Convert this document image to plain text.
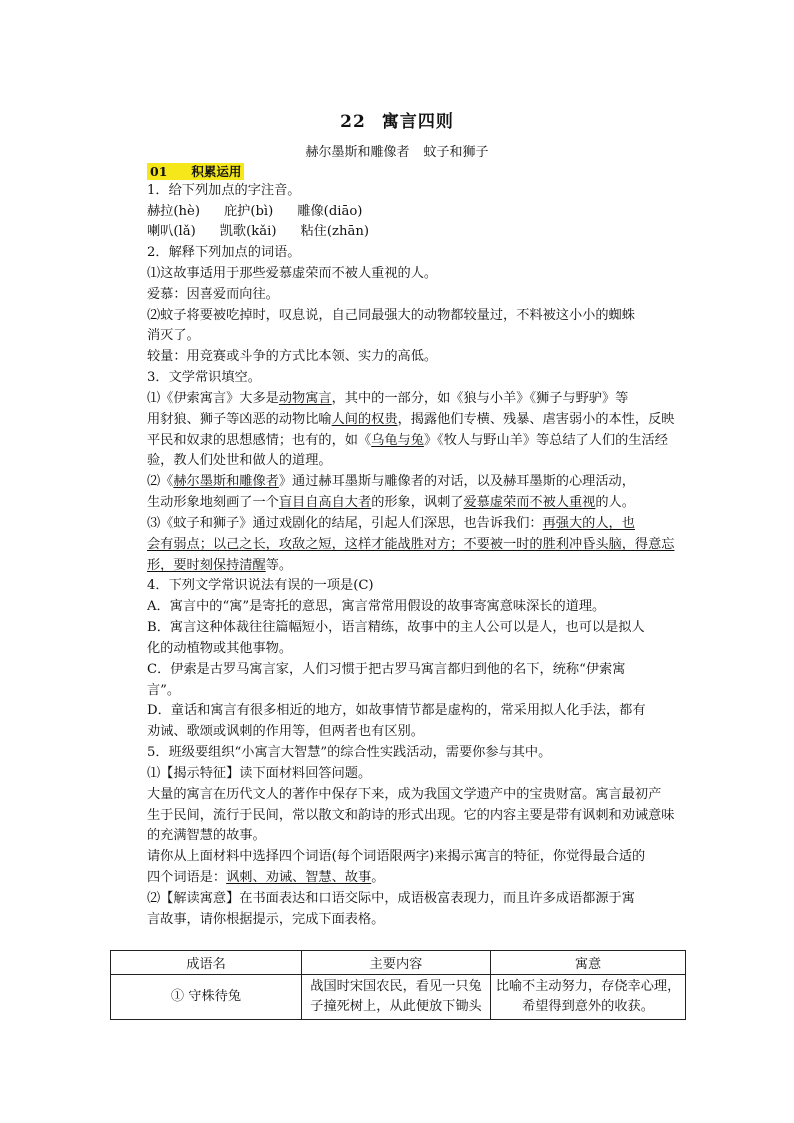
22 寓言四则
赫尔墨斯和雕像者 蚊子和狮子
01 积累运用
1．给下列加点的字注音。
赫拉(hè) 庇护(bì) 雕像(diāo)
喇叭(lǎ) 凯歌(kǎi) 粘住(zhān)
2．解释下列加点的词语。
⑴这故事适用于那些爱慕虚荣而不被人重视的人。
爱慕：因喜爱而向往。
⑵蚊子将要被吃掉时，叹息说，自己同最强大的动物都较量过，不料被这小小的蜘蛛
消灭了。
较量：用竞赛或斗争的方式比本领、实力的高低。
3．文学常识填空。
⑴《伊索寓言》大多是动物寓言，其中的一部分，如《狼与小羊》《狮子与野驴》等
用豺狼、狮子等凶恶的动物比喻人间的权贵，揭露他们专横、残暴、虐害弱小的本性，反映
平民和奴隶的思想感情；也有的，如《乌龟与兔》《牧人与野山羊》等总结了人们的生活经
验，教人们处世和做人的道理。
⑵《赫尔墨斯和雕像者》通过赫耳墨斯与雕像者的对话，以及赫耳墨斯的心理活动，
生动形象地刻画了一个盲目自高自大者的形象，讽刺了爱慕虚荣而不被人重视的人。
⑶《蚊子和狮子》通过戏剧化的结尾，引起人们深思，也告诉我们：再强大的人，也
会有弱点；以己之长，攻敌之短，这样才能战胜对方；不要被一时的胜利冲昏头脑，得意忘
形，要时刻保持清醒等。
4．下列文学常识说法有误的一项是(C)
A．寓言中的“寓”是寄托的意思，寓言常常用假设的故事寄寓意味深长的道理。
B．寓言这种体裁往往篇幅短小，语言精练，故事中的主人公可以是人，也可以是拟人
化的动植物或其他事物。
C．伊索是古罗马寓言家，人们习惯于把古罗马寓言都归到他的名下，统称“伊索寓
言”。
D．童话和寓言有很多相近的地方，如故事情节都是虚构的，常采用拟人化手法，都有
劝诫、歌颂或讽刺的作用等，但两者也有区别。
5．班级要组织“小寓言大智慧”的综合性实践活动，需要你参与其中。
⑴【揭示特征】读下面材料回答问题。
大量的寓言在历代文人的著作中保存下来，成为我国文学遗产中的宝贵财富。寓言最初产
生于民间，流行于民间，常以散文和韵诗的形式出现。它的内容主要是带有讽刺和劝诫意味
的充满智慧的故事。
请你从上面材料中选择四个词语(每个词语限两字)来揭示寓言的特征，你觉得最合适的
四个词语是：讽刺、劝诫、智慧、故事。
⑵【解读寓意】在书面表达和口语交际中，成语极富表现力，而且许多成语都源于寓
言故事，请你根据提示，完成下面表格。
成语名	主要内容	寓意
① 守株待兔	战国时宋国农民，看见一只兔子撞死树上，从此便放下锄头	比喻不主动努力，存侥幸心理，希望得到意外的收获。
